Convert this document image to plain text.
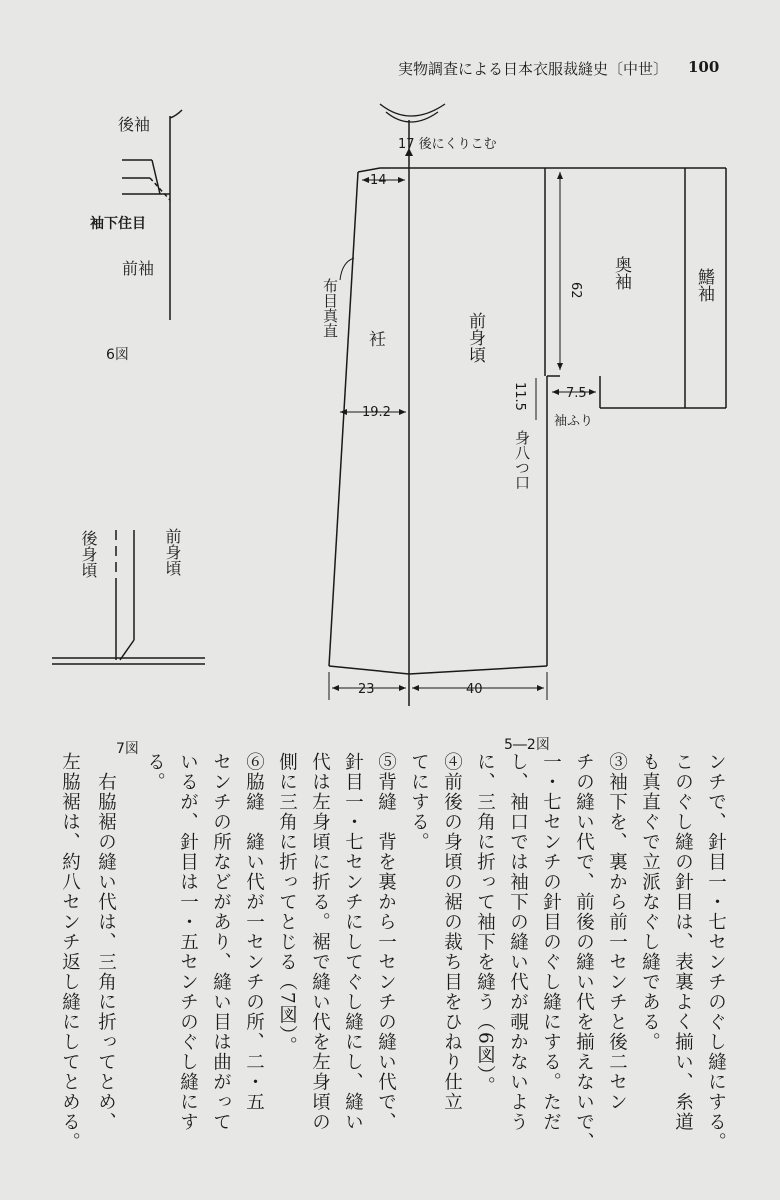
実物調査による日本衣服裁縫史〔中世〕 100
17 後にくりこむ
14
62
7.5
11.5
19.2
23	40
袖ふり
奥袖	鰭袖
衽	前身頃
布目真直
身八つ口
後袖
袖下住目
前袖
6図
後身頃	前身頃
7図	5―2図
ンチで、針目一・七センチのぐし縫にする。
このぐし縫の針目は、表裏よく揃い、糸道
も真直ぐで立派なぐし縫である。
③袖下を、裏から前一センチと後二セン
チの縫い代で、前後の縫い代を揃えないで、
一・七センチの針目のぐし縫にする。ただ
し、袖口では袖下の縫い代が覗かないよう
に、三角に折って袖下を縫う（6図）。
④前後の身頃の裾の裁ち目をひねり仕立
てにする。
⑤背縫　背を裏から一センチの縫い代で、
針目一・七センチにしてぐし縫にし、縫い
代は左身頃に折る。裾で縫い代を左身頃の
側に三角に折ってとじる（7図）。
⑥脇縫　縫い代が一センチの所、二・五
センチの所などがあり、縫い目は曲がって
いるが、針目は一・五センチのぐし縫にす
る。
　右脇裾の縫い代は、三角に折ってとめ、
左脇裾は、約八センチ返し縫にしてとめる。
